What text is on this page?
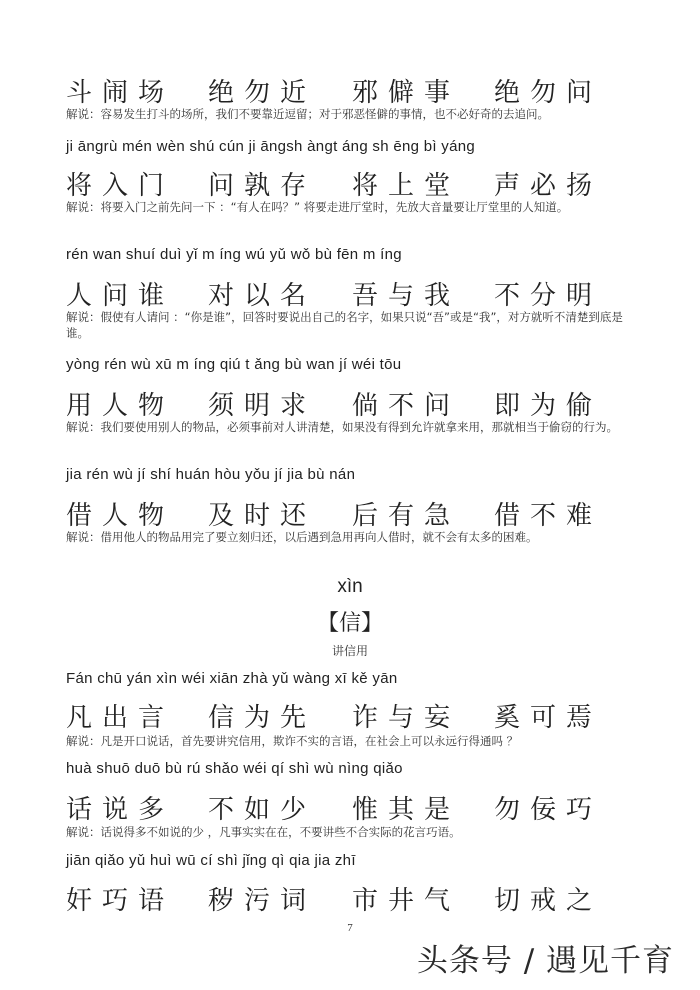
斗闹场 绝勿近 邪僻事 绝勿问
解说：容易发生打斗的场所，我们不要靠近逗留；对于邪恶怪僻的事情，也不必好奇的去追问。
ji āngrù mén wèn shú cún ji āngsh àngt áng sh ēng bì yáng
将入门 问孰存 将上堂 声必扬
解说：将要入门之前先问一下 ：“有人在吗？” 将要走进厅堂时，先放大音量要让厅堂里的人知道。
rén wan shuí duì yǐ m íng wú yǔ wǒ bù fēn m íng
人问谁 对以名 吾与我 不分明
解说：假使有人请问 ：“你是谁”，回答时要说出自己的名字，如果只说“吾”或是“我”，对方就听不清楚到底是谁。
yòng rén wù xū m íng qiú t ǎng bù wan jí wéi tōu
用人物 须明求 倘不问 即为偷
解说：我们要使用别人的物品，必须事前对人讲清楚，如果没有得到允许就拿来用，那就相当于偷窃的行为。
jia rén wù jí shí huán hòu yǒu jí jia bù nán
借人物 及时还 后有急 借不难
解说：借用他人的物品用完了要立刻归还，以后遇到急用再向人借时，就不会有太多的困难。
xìn
【信】
讲信用
Fán chū yán xìn wéi xiān zhà yǔ wàng xī kě yān
凡出言 信为先 诈与妄 奚可焉
解说：凡是开口说话，首先要讲究信用，欺诈不实的言语，在社会上可以永远行得通吗 ？
huà shuō duō bù rú shǎo wéi qí shì wù nìng qiǎo
话说多 不如少 惟其是 勿佞巧
解说：话说得多不如说的少 ，凡事实实在在，不要讲些不合实际的花言巧语。
jiān qiǎo yǔ huì wū cí shì jǐng qì qia jia zhī
奸巧语 秽污词 市井气 切戒之
7
头条号 / 遇见千育
